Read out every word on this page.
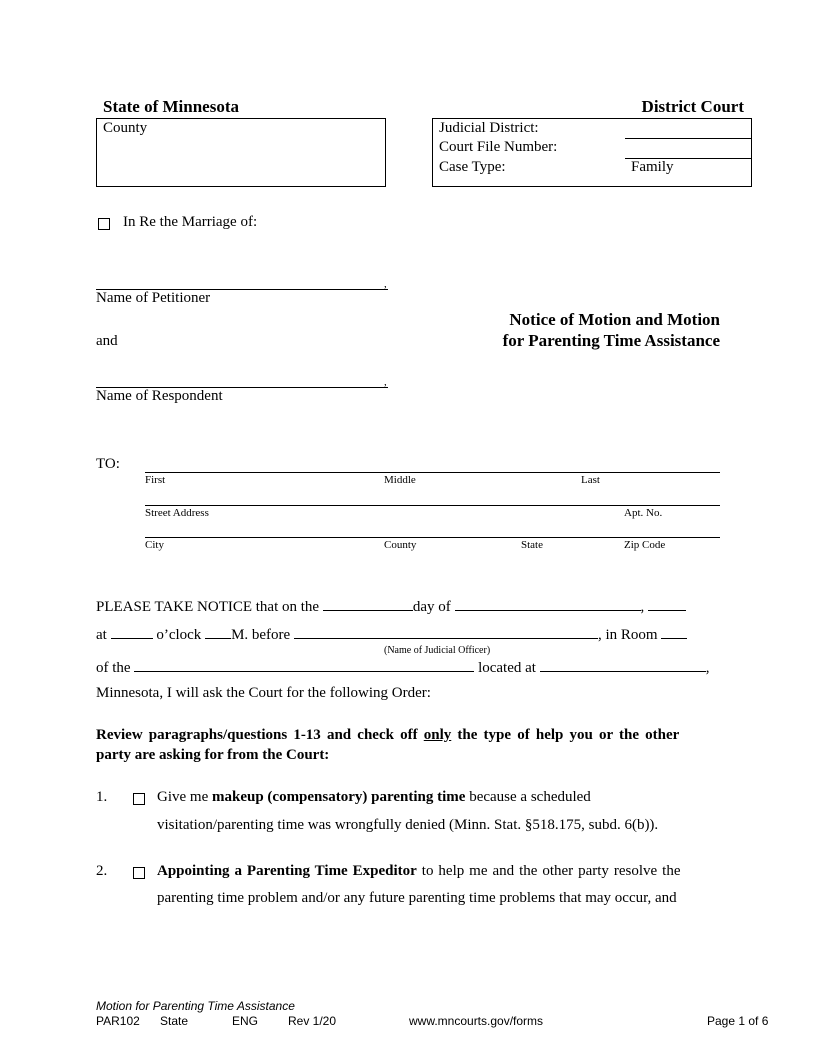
State of Minnesota	District Court
County	Judicial District:
Court File Number:
Case Type:	Family
In Re the Marriage of:
,
Name of Petitioner
Notice of Motion and Motion
for Parenting Time Assistance
and
,
Name of Respondent
TO:
First	Middle	Last
Street Address	Apt. No.
City	County	State	Zip Code
PLEASE TAKE NOTICE that on the	day of	,
at	o’clock M. before	, in Room
(Name of Judicial Officer)
of the	located at	,
Minnesota, I will ask the Court for the following Order:
Review paragraphs/questions 1-13 and check off only the type of help you or the other
party are asking for from the Court:
1.	Give me makeup (compensatory) parenting time because a scheduled
visitation/parenting time was wrongfully denied (Minn. Stat. §518.175, subd. 6(b)).
2.	Appointing a Parenting Time Expeditor to help me and the other party resolve the
parenting time problem and/or any future parenting time problems that may occur, and
Motion for Parenting Time Assistance
PAR102 State	ENG Rev 1/20	www.mncourts.gov/forms	Page 1 of 6
